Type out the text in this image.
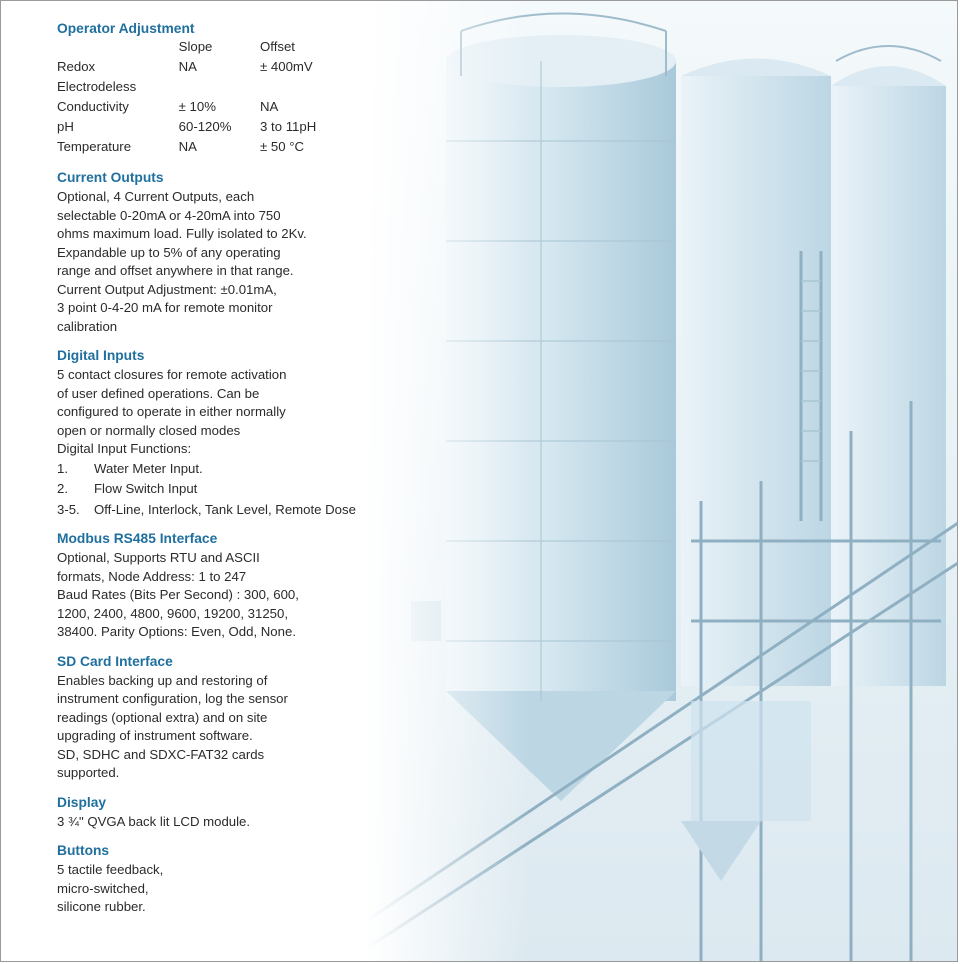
Operator Adjustment
	Slope	Offset
Redox	NA	± 400mV
Electrodeless		
Conductivity	± 10%	NA
pH	60-120%	3 to 11pH
Temperature	NA	± 50 °C
Current Outputs

Optional, 4 Current Outputs, each

selectable 0-20mA or 4-20mA into 750

ohms maximum load. Fully isolated to 2Kv.

Expandable up to 5% of any operating

range and offset anywhere in that range.

Current Output Adjustment: ±0.01mA,

3 point 0-4-20 mA for remote monitor

calibration

Digital Inputs

5 contact closures for remote activation

of user defined operations. Can be

configured to operate in either normally

open or normally closed modes

Digital Input Functions:

1.	Water Meter Input.
2.	Flow Switch Input
3-5.	Off-Line, Interlock, Tank Level, Remote Dose
Modbus RS485 Interface

Optional, Supports RTU and ASCII

formats, Node Address: 1 to 247

Baud Rates (Bits Per Second) : 300, 600,

1200, 2400, 4800, 9600, 19200, 31250,

38400. Parity Options: Even, Odd, None.

SD Card Interface

Enables backing up and restoring of

instrument configuration, log the sensor

readings (optional extra) and on site

upgrading of instrument software.

SD, SDHC and SDXC-FAT32 cards

supported.

Display

3 ¾" QVGA back lit LCD module.

Buttons

5 tactile feedback,

micro-switched,

silicone rubber.
